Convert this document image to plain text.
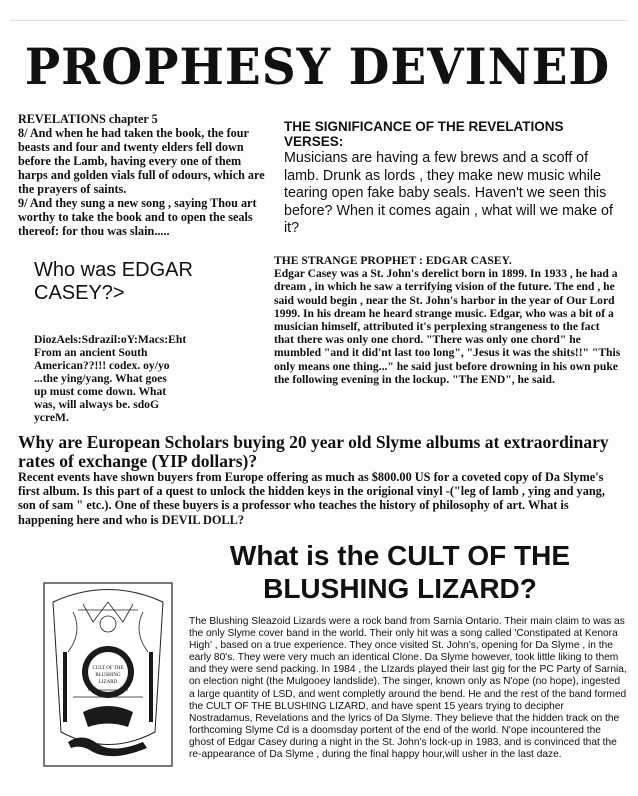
PROPHESY DEVINED

REVELATIONS chapter 5

8/ And when he had taken the book, the four beasts and four and twenty elders fell down before the Lamb, having every one of them harps and golden vials full of odours, which are the prayers of saints.

9/ And they sung a new song , saying Thou art worthy to take the book and to open the seals thereof: for thou was slain.....

THE SIGNIFICANCE OF THE REVELATIONS VERSES:
Musicians are having a few brews and a scoff of lamb. Drunk as lords , they make new music while tearing open fake baby seals. Haven't we seen this before? When it comes again , what will we make of it?
Who was EDGAR CASEY?>
DiozAels:Sdrazil:oY:Macs:Eht
From an ancient South
American??!!! codex. oy/yo
...the ying/yang. What goes
up must come down. What
was, will always be. sdoG
ycreM.
THE STRANGE PROPHET : EDGAR CASEY.
Edgar Casey was a St. John's derelict born in 1899. In 1933 , he had a dream , in which he saw a terrifying vision of the future. The end , he said would begin , near the St. John's harbor in the year of Our Lord 1999. In his dream he heard strange music. Edgar, who was a bit of a musician himself, attributed it's perplexing strangeness to the fact that there was only one chord. "There was only one chord" he mumbled "and it did'nt last too long", "Jesus it was the shits!!" "This only means one thing..." he said just before drowning in his own puke the following evening in the lockup. "The END", he said.
Why are European Scholars buying 20 year old Slyme albums at extraordinary rates of exchange (YIP dollars)?
Recent events have shown buyers from Europe offering as much as $800.00 US for a coveted copy of Da Slyme's first album. Is this part of a quest to unlock the hidden keys in the origional vinyl -("leg of lamb , ying and yang, son of sam " etc.). One of these buyers is a professor who teaches the history of philosophy of art. What is happening here and who is DEVIL DOLL?
What is the CULT OF THE BLUSHING LIZARD?
CULT OF THE
BLUSHING
LIZARD
The Blushing Sleazoid Lizards were a rock band from Sarnia Ontario. Their main claim to was as the only Slyme cover band in the world. Their only hit was a song called 'Constipated at Kenora High' , based on a true experience. They once visited St. John's, opening for Da Slyme , in the early 80's. They were very much an identical Clone. Da Slyme however, took little liking to them and they were send packing. In 1984 , the LIzards played their last gig for the PC Party of Sarnia, on election night (the Mulgooey landslide). The singer, known only as N'ope (no hope), ingested a large quantity of LSD, and went completly around the bend. He and the rest of the band formed the CULT OF THE BLUSHING LIZARD, and have spent 15 years trying to decipher Nostradamus, Revelations and the lyrics of Da Slyme. They believe that the hidden track on the forthcoming Slyme Cd is a doomsday portent of the end of the world. N'ope incountered the ghost of Edgar Casey during a night in the St. John's lock-up in 1983, and is convinced that the re-appearance of Da Slyme , during the final happy hour,will usher in the last daze.
